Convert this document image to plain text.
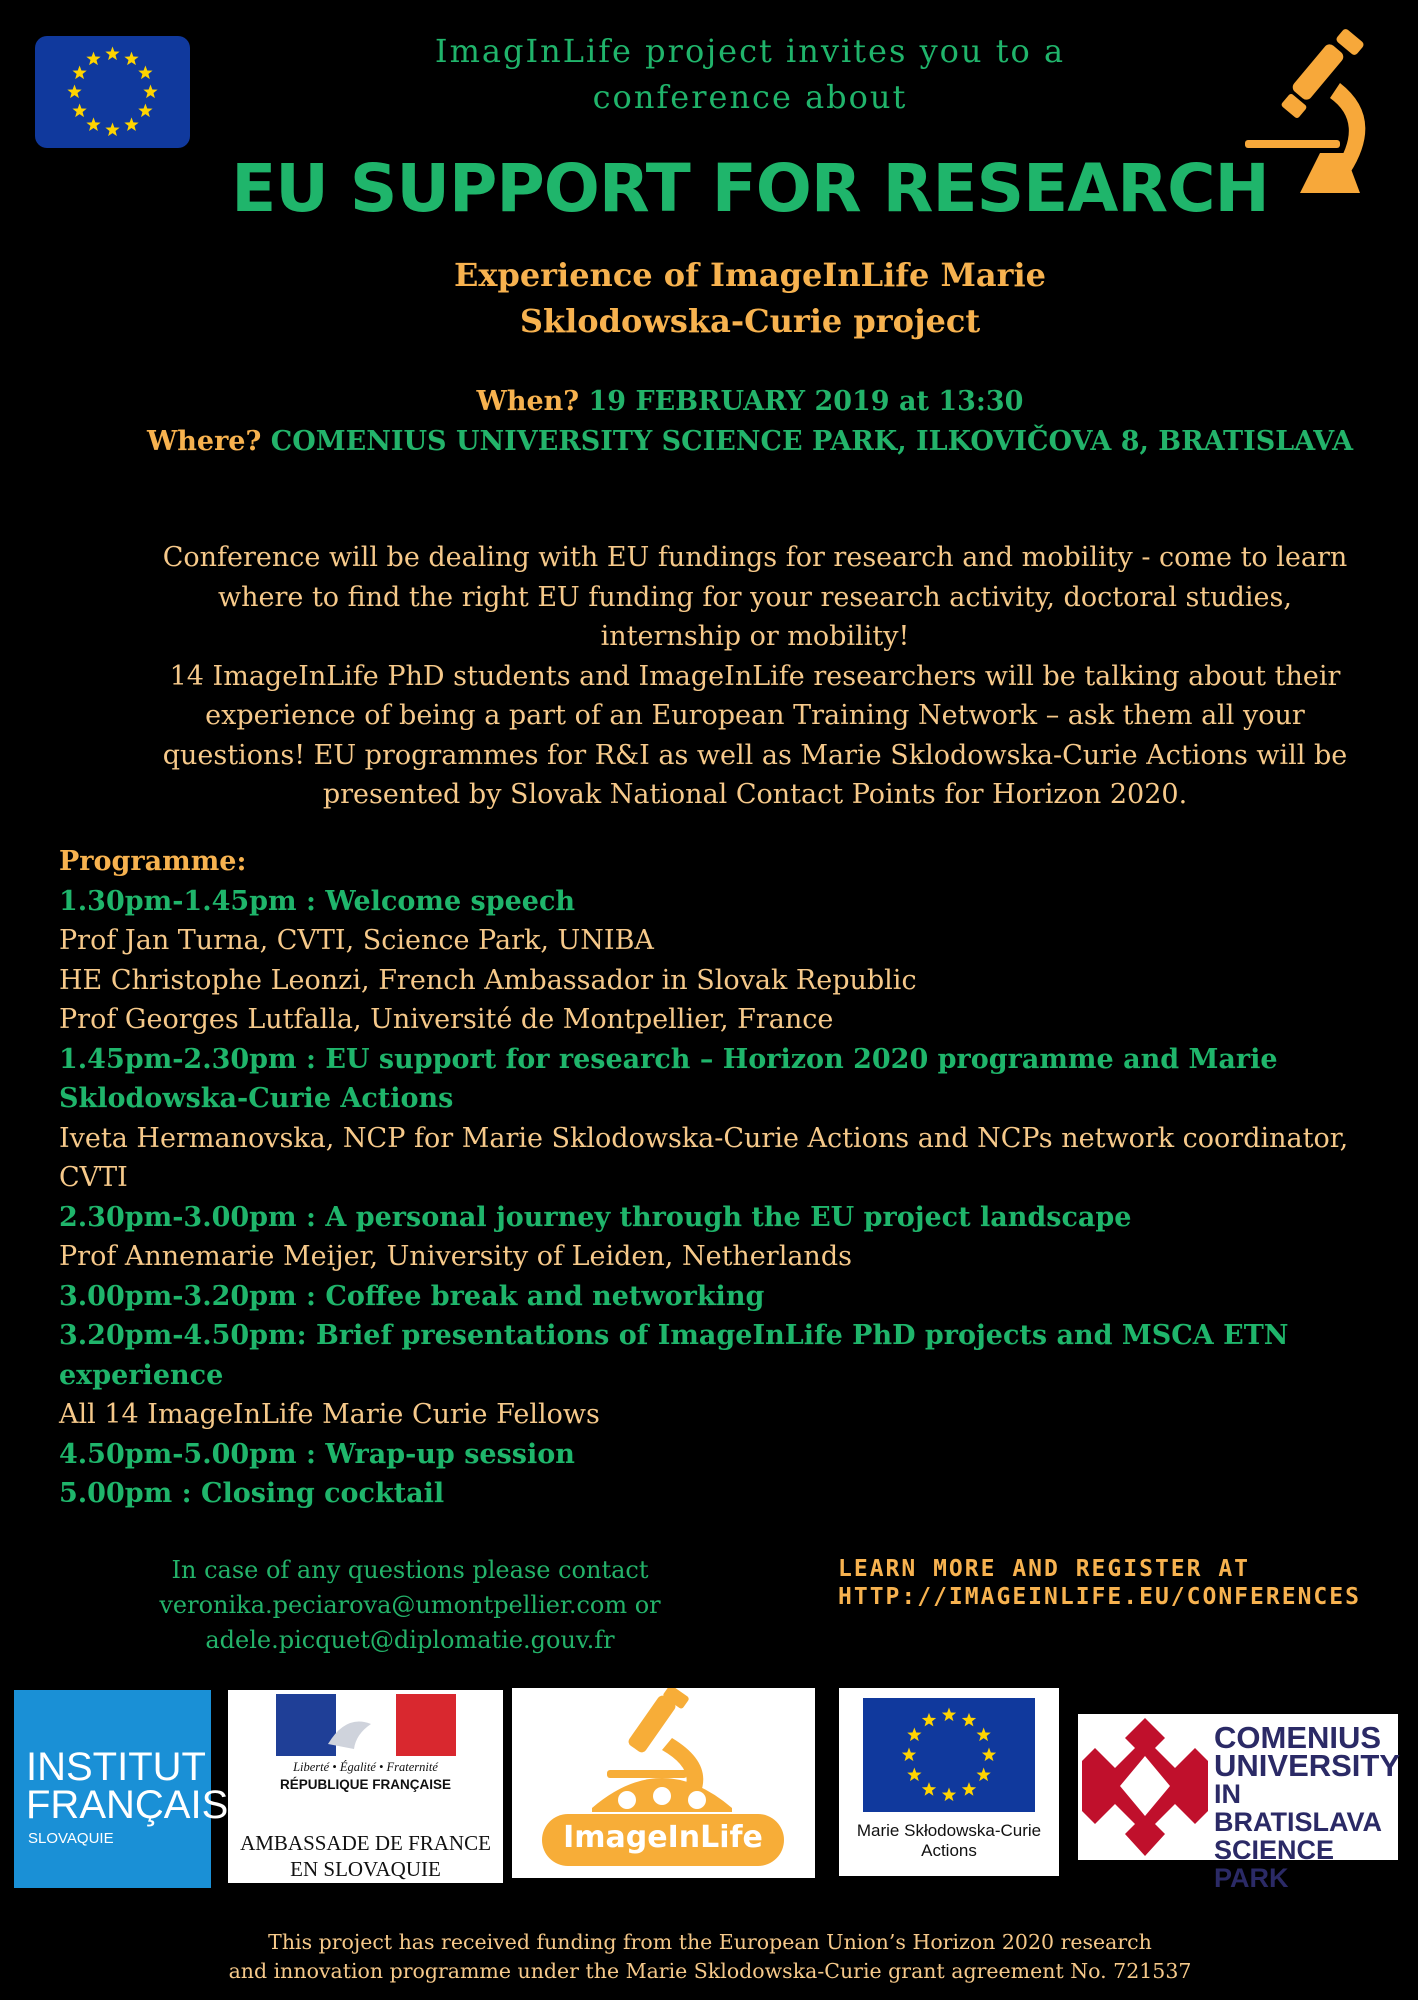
ImagInLife project invites you to a
conference about
EU SUPPORT FOR RESEARCH
Experience of ImageInLife Marie
Sklodowska-Curie project
When? 19 FEBRUARY 2019 at 13:30
Where? COMENIUS UNIVERSITY SCIENCE PARK, ILKOVIČOVA 8, BRATISLAVA
Conference will be dealing with EU fundings for research and mobility - come to learn
where to find the right EU funding for your research activity, doctoral studies,
internship or mobility!
14 ImageInLife PhD students and ImageInLife researchers will be talking about their
experience of being a part of an European Training Network – ask them all your
questions! EU programmes for R&I as well as Marie Sklodowska-Curie Actions will be
presented by Slovak National Contact Points for Horizon 2020.
Programme:
1.30pm-1.45pm : Welcome speech
Prof Jan Turna, CVTI, Science Park, UNIBA
HE Christophe Leonzi, French Ambassador in Slovak Republic
Prof Georges Lutfalla, Université de Montpellier, France
1.45pm-2.30pm : EU support for research – Horizon 2020 programme and Marie
Sklodowska-Curie Actions
Iveta Hermanovska, NCP for Marie Sklodowska-Curie Actions and NCPs network coordinator,
CVTI
2.30pm-3.00pm : A personal journey through the EU project landscape
Prof Annemarie Meijer, University of Leiden, Netherlands
3.00pm-3.20pm : Coffee break and networking
3.20pm-4.50pm: Brief presentations of ImageInLife PhD projects and MSCA ETN
experience
All 14 ImageInLife Marie Curie Fellows
4.50pm-5.00pm : Wrap-up session
5.00pm : Closing cocktail
In case of any questions please contact
veronika.peciarova@umontpellier.com or
adele.picquet@diplomatie.gouv.fr
LEARN MORE AND REGISTER AT
HTTP://IMAGEINLIFE.EU/CONFERENCES
INSTITUT
FRANÇAIS
SLOVAQUIE
Liberté • Égalité • Fraternité
RÉPUBLIQUE FRANÇAISE
AMBASSADE DE FRANCE
EN SLOVAQUIE
ImageInLife	Marie Skłodowska-Curie
Actions
COMENIUS
UNIVERSITY
IN BRATISLAVA
SCIENCE PARK
This project has received funding from the European Union’s Horizon 2020 research
and innovation programme under the Marie Sklodowska-Curie grant agreement No. 721537
